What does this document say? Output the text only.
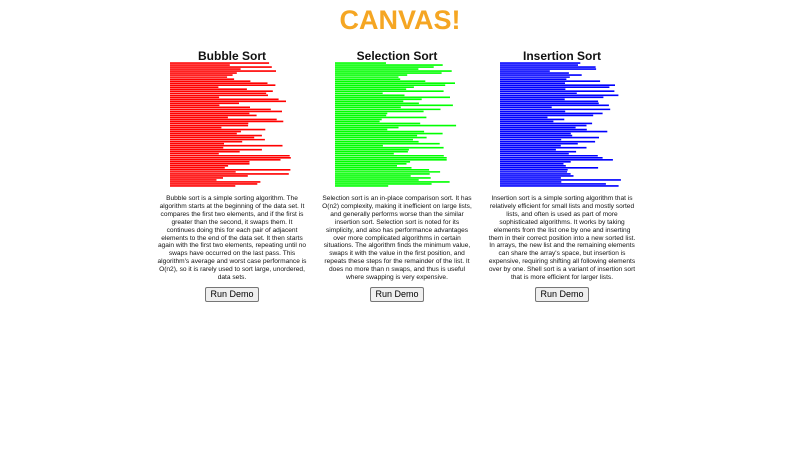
CANVAS!
Bubble Sort
Bubble sort is a simple sorting algorithm. The algorithm starts at the beginning of the data set. It compares the first two elements, and if the first is greater than the second, it swaps them. It continues doing this for each pair of adjacent elements to the end of the data set. It then starts again with the first two elements, repeating until no swaps have occurred on the last pass. This algorithm's average and worst case performance is O(n2), so it is rarely used to sort large, unordered, data sets.
Run Demo
Selection Sort
Selection sort is an in-place comparison sort. It has O(n2) complexity, making it inefficient on large lists, and generally performs worse than the similar insertion sort. Selection sort is noted for its simplicity, and also has performance advantages over more complicated algorithms in certain situations. The algorithm finds the minimum value, swaps it with the value in the first position, and repeats these steps for the remainder of the list. It does no more than n swaps, and thus is useful where swapping is very expensive.
Run Demo
Insertion Sort
Insertion sort is a simple sorting algorithm that is relatively efficient for small lists and mostly sorted lists, and often is used as part of more sophisticated algorithms. It works by taking elements from the list one by one and inserting them in their correct position into a new sorted list. In arrays, the new list and the remaining elements can share the array's space, but insertion is expensive, requiring shifting all following elements over by one. Shell sort is a variant of insertion sort that is more efficient for larger lists.
Run Demo
